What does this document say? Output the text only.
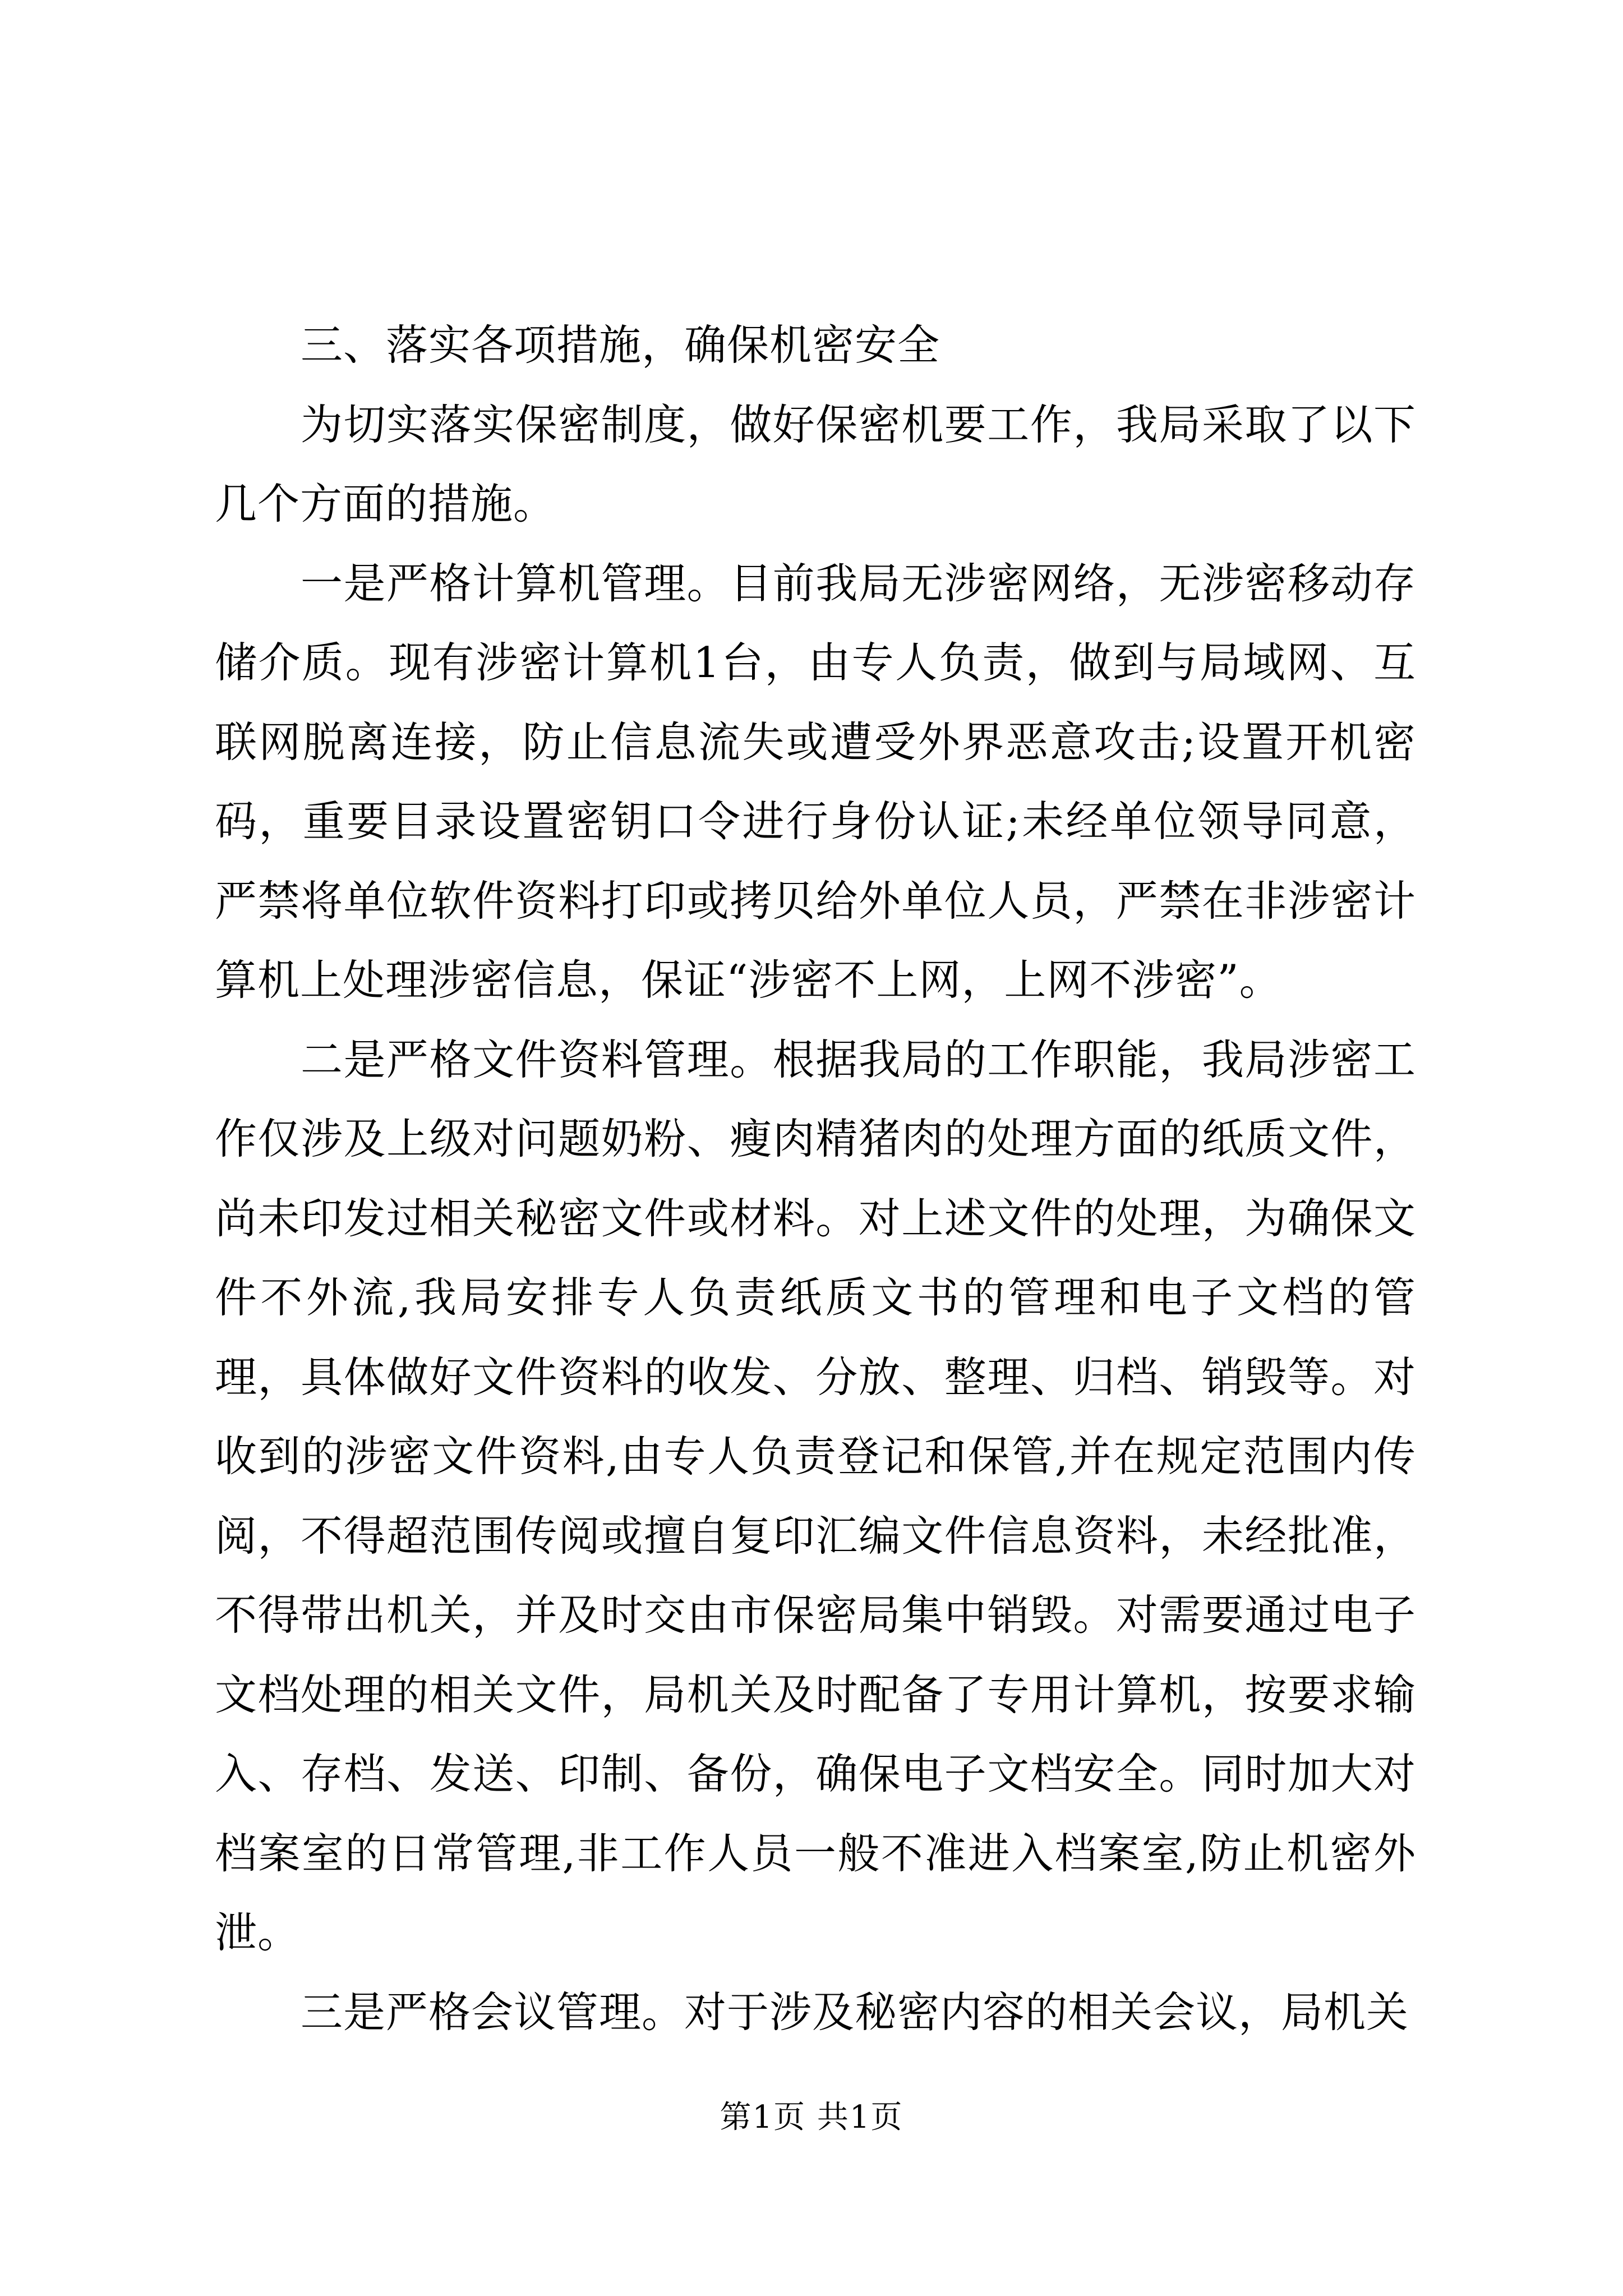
三、落实各项措施，确保机密安全

为切实落实保密制度，做好保密机要工作，我局采取了以下几个方面的措施。

一是严格计算机管理。目前我局无涉密网络，无涉密移动存储介质。现有涉密计算机1台，由专人负责，做到与局域网、互联网脱离连接，防止信息流失或遭受外界恶意攻击;设置开机密码，重要目录设置密钥口令进行身份认证;未经单位领导同意，严禁将单位软件资料打印或拷贝给外单位人员，严禁在非涉密计算机上处理涉密信息，保证“涉密不上网，上网不涉密”。

二是严格文件资料管理。根据我局的工作职能，我局涉密工作仅涉及上级对问题奶粉、瘦肉精猪肉的处理方面的纸质文件，尚未印发过相关秘密文件或材料。对上述文件的处理，为确保文件不外流,我局安排专人负责纸质文书的管理和电子文档的管理，具体做好文件资料的收发、分放、整理、归档、销毁等。对收到的涉密文件资料,由专人负责登记和保管,并在规定范围内传阅，不得超范围传阅或擅自复印汇编文件信息资料，未经批准，不得带出机关，并及时交由市保密局集中销毁。对需要通过电子文档处理的相关文件，局机关及时配备了专用计算机，按要求输入、存档、发送、印制、备份，确保电子文档安全。同时加大对档案室的日常管理,非工作人员一般不准进入档案室,防止机密外泄。

三是严格会议管理。对于涉及秘密内容的相关会议，局机关

第1页 共1页
